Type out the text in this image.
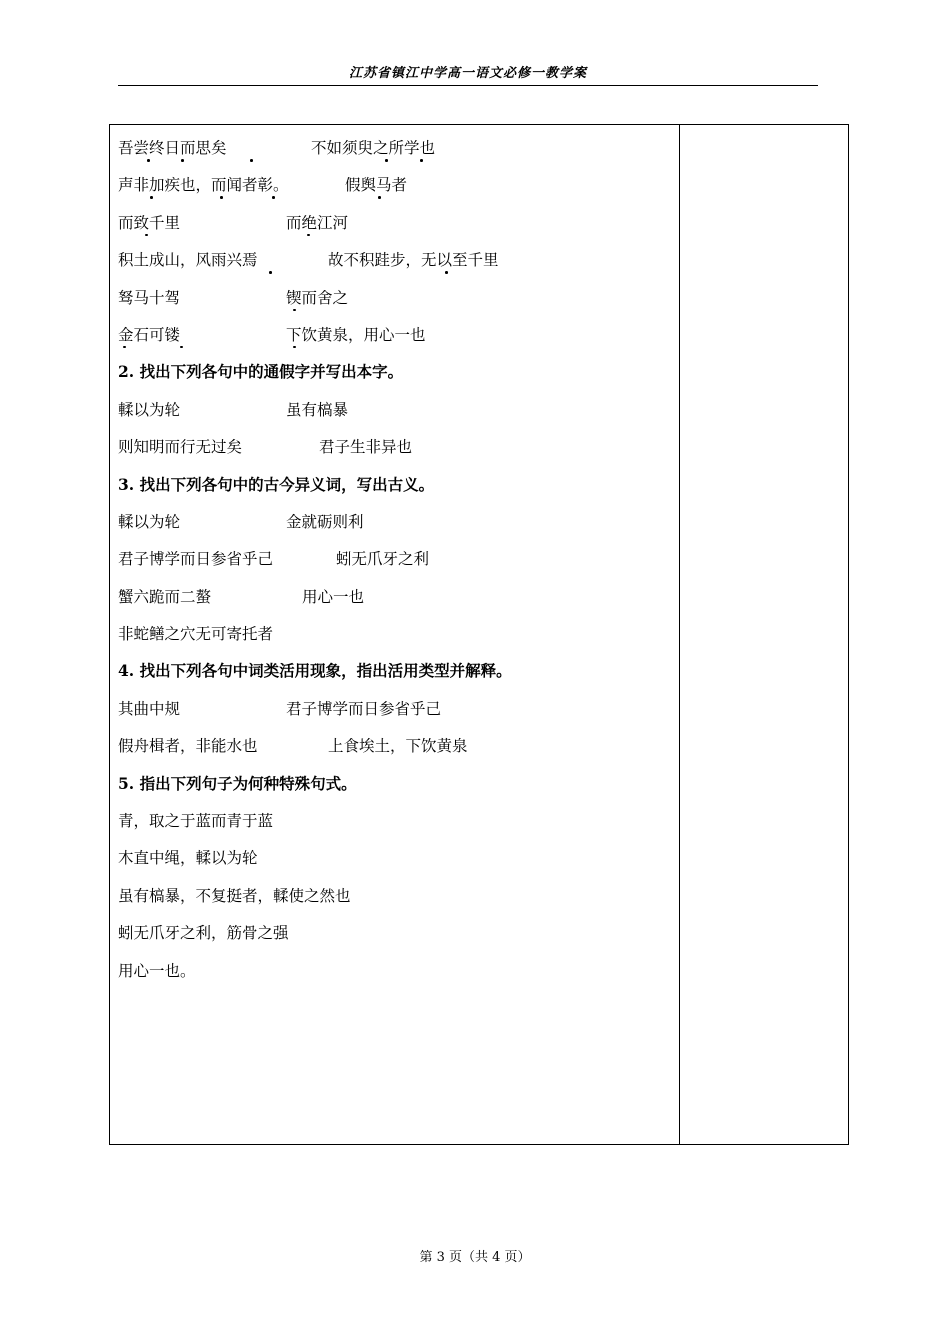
江苏省镇江中学高一语文必修一教学案
吾尝终日而思矣	不如须臾之所学也
声非加疾也，而闻者彰。	假舆马者
而致千里	而绝江河
积土成山，风雨兴焉	故不积跬步，无以至千里
驽马十驾	锲而舍之
金石可镂	下饮黄泉，用心一也
2. 找出下列各句中的通假字并写出本字。
輮以为轮	虽有槁暴
则知明而行无过矣	君子生非异也
3. 找出下列各句中的古今异义词，写出古义。
輮以为轮	金就砺则利
君子博学而日参省乎己	蚓无爪牙之利
蟹六跪而二螯	用心一也
非蛇鳝之穴无可寄托者
4. 找出下列各句中词类活用现象，指出活用类型并解释。
其曲中规	君子博学而日参省乎己
假舟楫者，非能水也	上食埃土，下饮黄泉
5. 指出下列句子为何种特殊句式。
青，取之于蓝而青于蓝
木直中绳，輮以为轮
虽有槁暴，不复挺者，輮使之然也
蚓无爪牙之利，筋骨之强
用心一也。
第 3 页（共 4 页）
